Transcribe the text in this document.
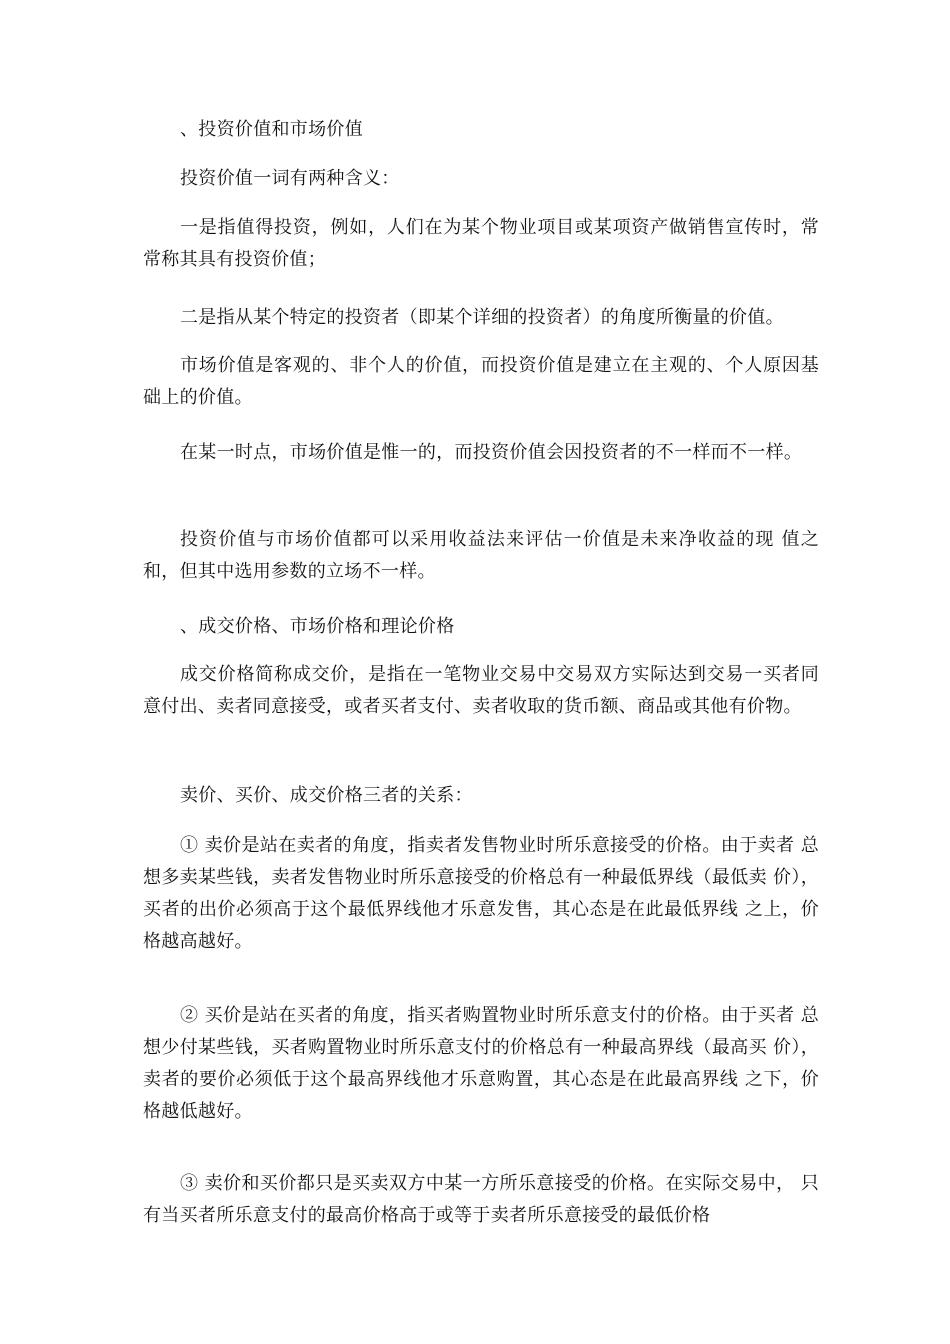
、投资价值和市场价值

投资价值一词有两种含义：

一是指值得投资，例如，人们在为某个物业项目或某项资产做销售宣传时，常常称其具有投资价值；

二是指从某个特定的投资者（即某个详细的投资者）的角度所衡量的价值。

市场价值是客观的、非个人的价值，而投资价值是建立在主观的、个人原因基础上的价值。

在某一时点，市场价值是惟一的，而投资价值会因投资者的不一样而不一样。

投资价值与市场价值都可以采用收益法来评估一价值是未来净收益的现 值之和，但其中选用参数的立场不一样。

、成交价格、市场价格和理论价格

成交价格简称成交价，是指在一笔物业交易中交易双方实际达到交易一买者同意付出、卖者同意接受，或者买者支付、卖者收取的货币额、商品或其他有价物。

卖价、买价、成交价格三者的关系：

① 卖价是站在卖者的角度，指卖者发售物业时所乐意接受的价格。由于卖者 总想多卖某些钱，卖者发售物业时所乐意接受的价格总有一种最低界线（最低卖 价），买者的出价必须高于这个最低界线他才乐意发售，其心态是在此最低界线 之上，价格越高越好。

② 买价是站在买者的角度，指买者购置物业时所乐意支付的价格。由于买者 总想少付某些钱，买者购置物业时所乐意支付的价格总有一种最高界线（最高买 价），卖者的要价必须低于这个最高界线他才乐意购置，其心态是在此最高界线 之下，价格越低越好。

③ 卖价和买价都只是买卖双方中某一方所乐意接受的价格。在实际交易中， 只有当买者所乐意支付的最高价格高于或等于卖者所乐意接受的最低价格
